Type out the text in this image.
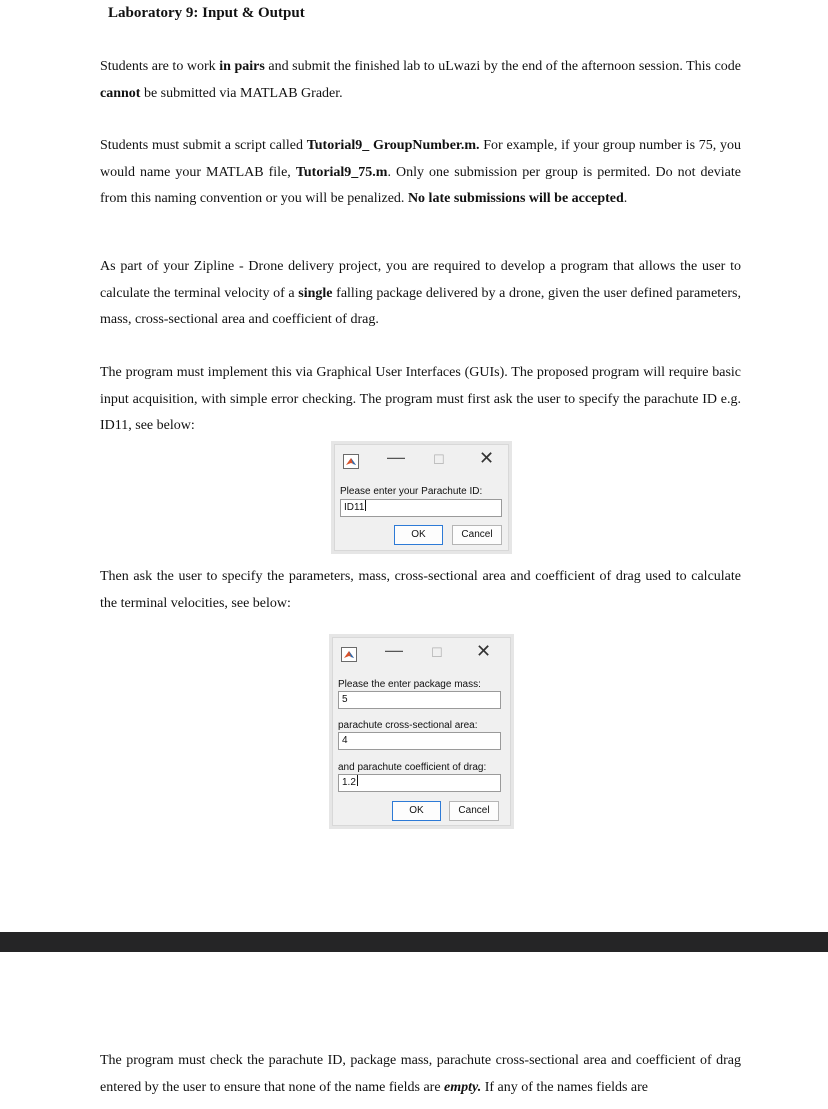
Laboratory 9: Input & Output

Students are to work in pairs and submit the finished lab to uLwazi by the end of the afternoon session. This code cannot be submitted via MATLAB Grader.

Students must submit a script called Tutorial9_ GroupNumber.m. For example, if your group number is 75, you would name your MATLAB file, Tutorial9_75.m. Only one submission per group is permited. Do not deviate from this naming convention or you will be penalized. No late submissions will be accepted.

As part of your Zipline - Drone delivery project, you are required to develop a program that allows the user to calculate the terminal velocity of a single falling package delivered by a drone, given the user defined parameters, mass, cross-sectional area and coefficient of drag.

The program must implement this via Graphical User Interfaces (GUIs). The proposed program will require basic input acquisition, with simple error checking. The program must first ask the user to specify the parachute ID e.g. ID11, see below:

— ☐ ✕
Please enter your Parachute ID:
ID11
OK	Cancel

Then ask the user to specify the parameters, mass, cross-sectional area and coefficient of drag used to calculate the terminal velocities, see below:

— ☐ ✕
Please the enter package mass:
5
parachute cross-sectional area:
4
and parachute coefficient of drag:
1.2
OK	Cancel

The program must check the parachute ID, package mass, parachute cross-sectional area and coefficient of drag entered by the user to ensure that none of the name fields are empty. If any of the names fields are
